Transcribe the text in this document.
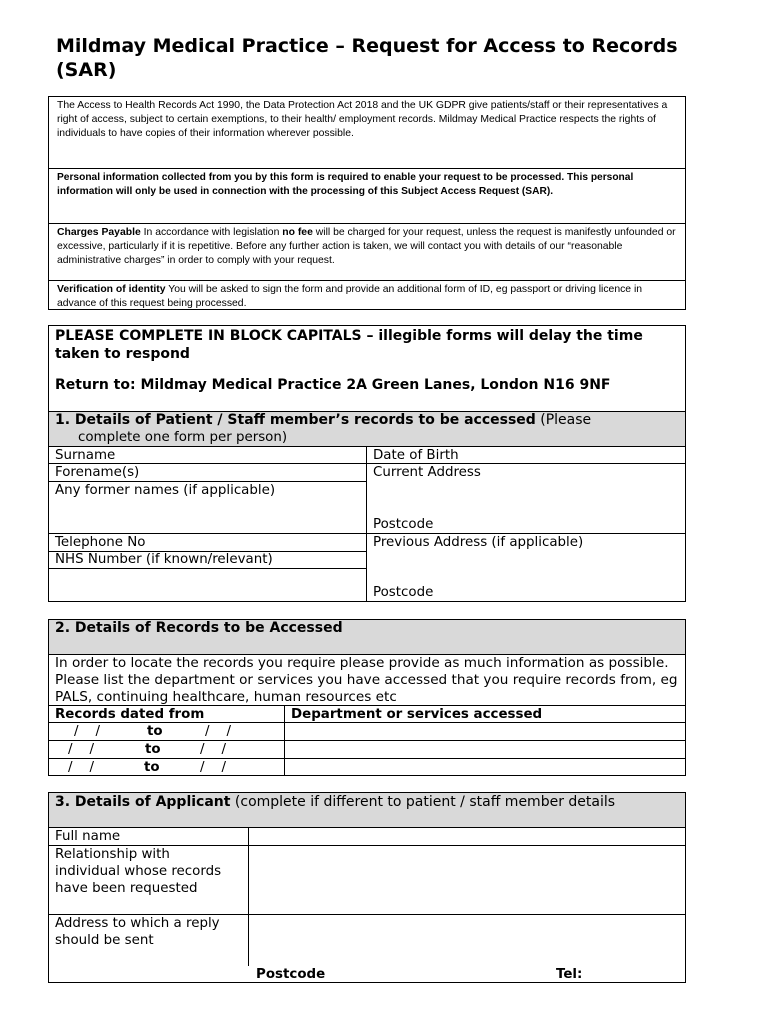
Mildmay Medical Practice – Request for Access to Records (SAR)
The Access to Health Records Act 1990, the Data Protection Act 2018 and the UK GDPR give patients/staff or their representatives a right of access, subject to certain exemptions, to their health/ employment records. Mildmay Medical Practice respects the rights of individuals to have copies of their information wherever possible.
Personal information collected from you by this form is required to enable your request to be processed. This personal information will only be used in connection with the processing of this Subject Access Request (SAR).
Charges Payable In accordance with legislation no fee will be charged for your request, unless the request is manifestly unfounded or excessive, particularly if it is repetitive. Before any further action is taken, we will contact you with details of our “reasonable administrative charges” in order to comply with your request.
Verification of identity You will be asked to sign the form and provide an additional form of ID, eg passport or driving licence in advance of this request being processed.
PLEASE COMPLETE IN BLOCK CAPITALS – illegible forms will delay the time taken to respond
Return to: Mildmay Medical Practice 2A Green Lanes, London N16 9NF
1. Details of Patient / Staff member’s records to be accessed (Please
complete one form per person)
Surname	Date of Birth
Forename(s)	Current Address
Any former names (if applicable)
Postcode
Telephone No	Previous Address (if applicable)
NHS Number (if known/relevant)
Postcode
2. Details of Records to be Accessed
In order to locate the records you require please provide as much information as possible. Please list the department or services you have accessed that you require records from, eg PALS, continuing healthcare, human resources etc
Records dated from	Department or services accessed
/    /	to	/    /
/    /	to	/    /
/    /	to	/    /
3. Details of Applicant (complete if different to patient / staff member details
Full name
Relationship with individual whose records have been requested
Address to which a reply should be sent
Postcode	Tel:
